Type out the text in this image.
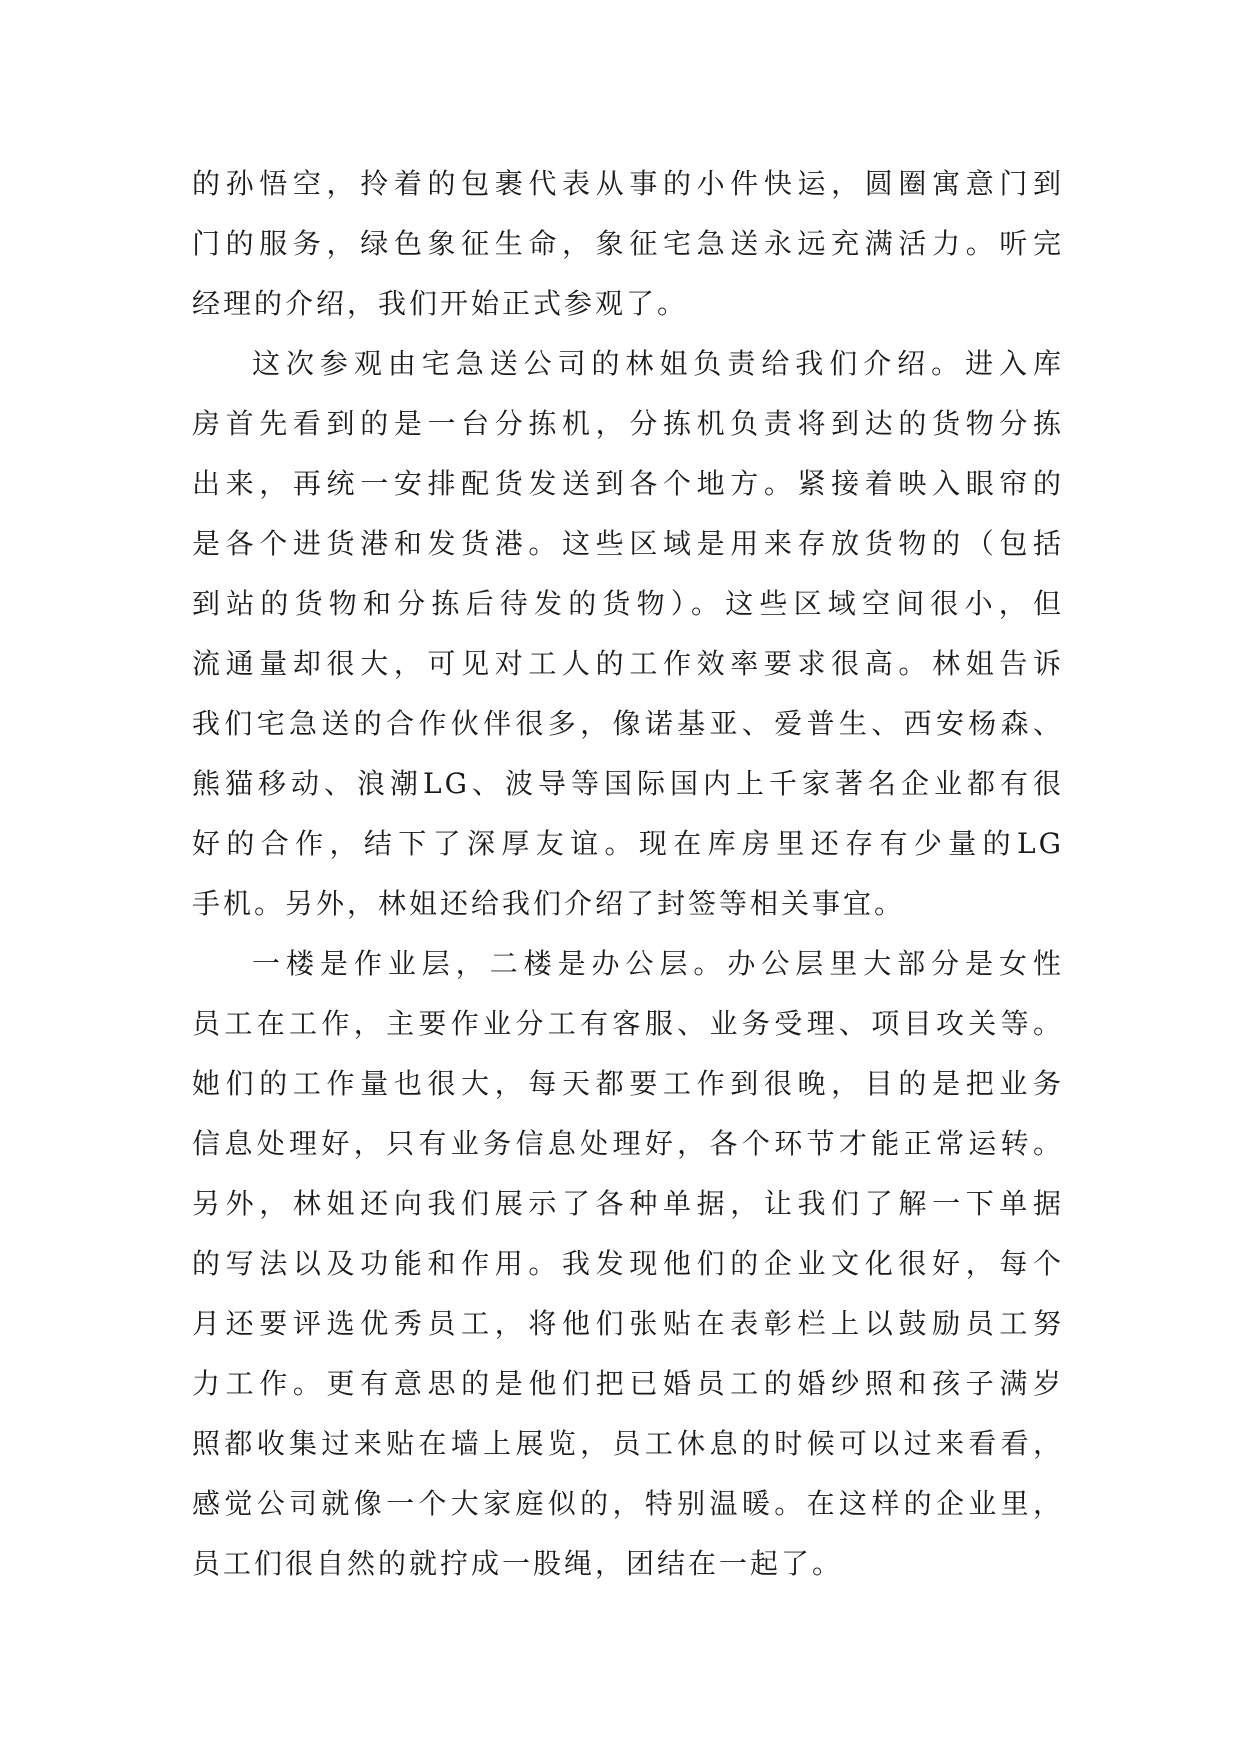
的孙悟空，拎着的包裹代表从事的小件快运，圆圈寓意门到
门的服务，绿色象征生命，象征宅急送永远充满活力。听完
经理的介绍，我们开始正式参观了。
这次参观由宅急送公司的林姐负责给我们介绍。进入库
房首先看到的是一台分拣机，分拣机负责将到达的货物分拣
出来，再统一安排配货发送到各个地方。紧接着映入眼帘的
是各个进货港和发货港。这些区域是用来存放货物的（包括
到站的货物和分拣后待发的货物）。这些区域空间很小，但
流通量却很大，可见对工人的工作效率要求很高。林姐告诉
我们宅急送的合作伙伴很多，像诺基亚、爱普生、西安杨森、
熊猫移动、浪潮LG、波导等国际国内上千家著名企业都有很
好的合作，结下了深厚友谊。现在库房里还存有少量的LG
手机。另外，林姐还给我们介绍了封签等相关事宜。
一楼是作业层，二楼是办公层。办公层里大部分是女性
员工在工作，主要作业分工有客服、业务受理、项目攻关等。
她们的工作量也很大，每天都要工作到很晚，目的是把业务
信息处理好，只有业务信息处理好，各个环节才能正常运转。
另外，林姐还向我们展示了各种单据，让我们了解一下单据
的写法以及功能和作用。我发现他们的企业文化很好，每个
月还要评选优秀员工，将他们张贴在表彰栏上以鼓励员工努
力工作。更有意思的是他们把已婚员工的婚纱照和孩子满岁
照都收集过来贴在墙上展览，员工休息的时候可以过来看看，
感觉公司就像一个大家庭似的，特别温暖。在这样的企业里，
员工们很自然的就拧成一股绳，团结在一起了。
